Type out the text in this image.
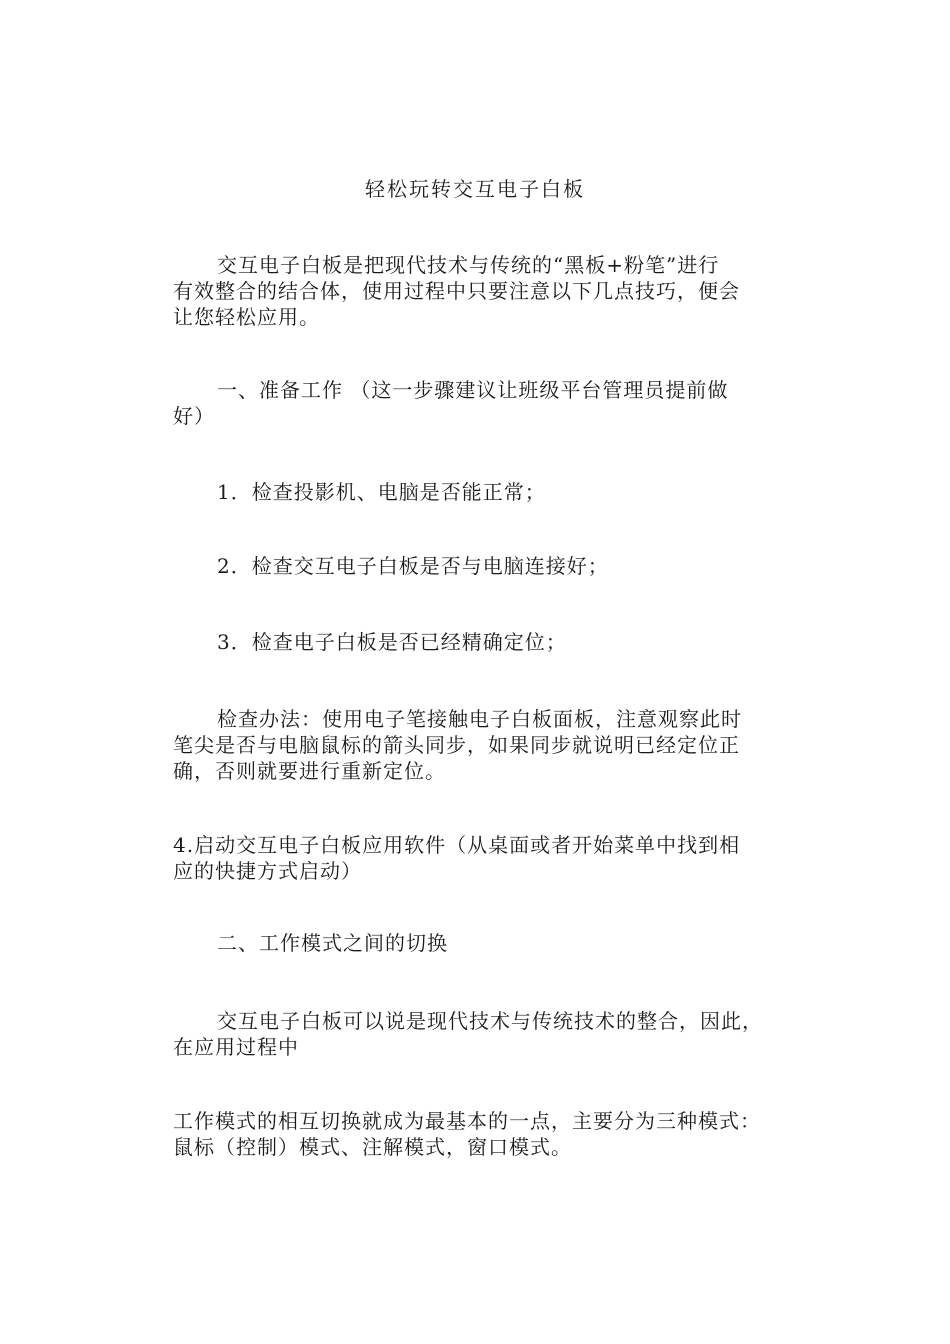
轻松玩转交互电子白板

交互电子白板是把现代技术与传统的“黑板+粉笔”进行
有效整合的结合体，使用过程中只要注意以下几点技巧，便会
让您轻松应用。

一、准备工作 （这一步骤建议让班级平台管理员提前做
好）

1．检查投影机、电脑是否能正常；

2．检查交互电子白板是否与电脑连接好；

3．检查电子白板是否已经精确定位；

检查办法：使用电子笔接触电子白板面板，注意观察此时
笔尖是否与电脑鼠标的箭头同步，如果同步就说明已经定位正
确，否则就要进行重新定位。

4.启动交互电子白板应用软件（从桌面或者开始菜单中找到相
应的快捷方式启动）

二、工作模式之间的切换

交互电子白板可以说是现代技术与传统技术的整合，因此，
在应用过程中

工作模式的相互切换就成为最基本的一点，主要分为三种模式：
鼠标（控制）模式、注解模式，窗口模式。
